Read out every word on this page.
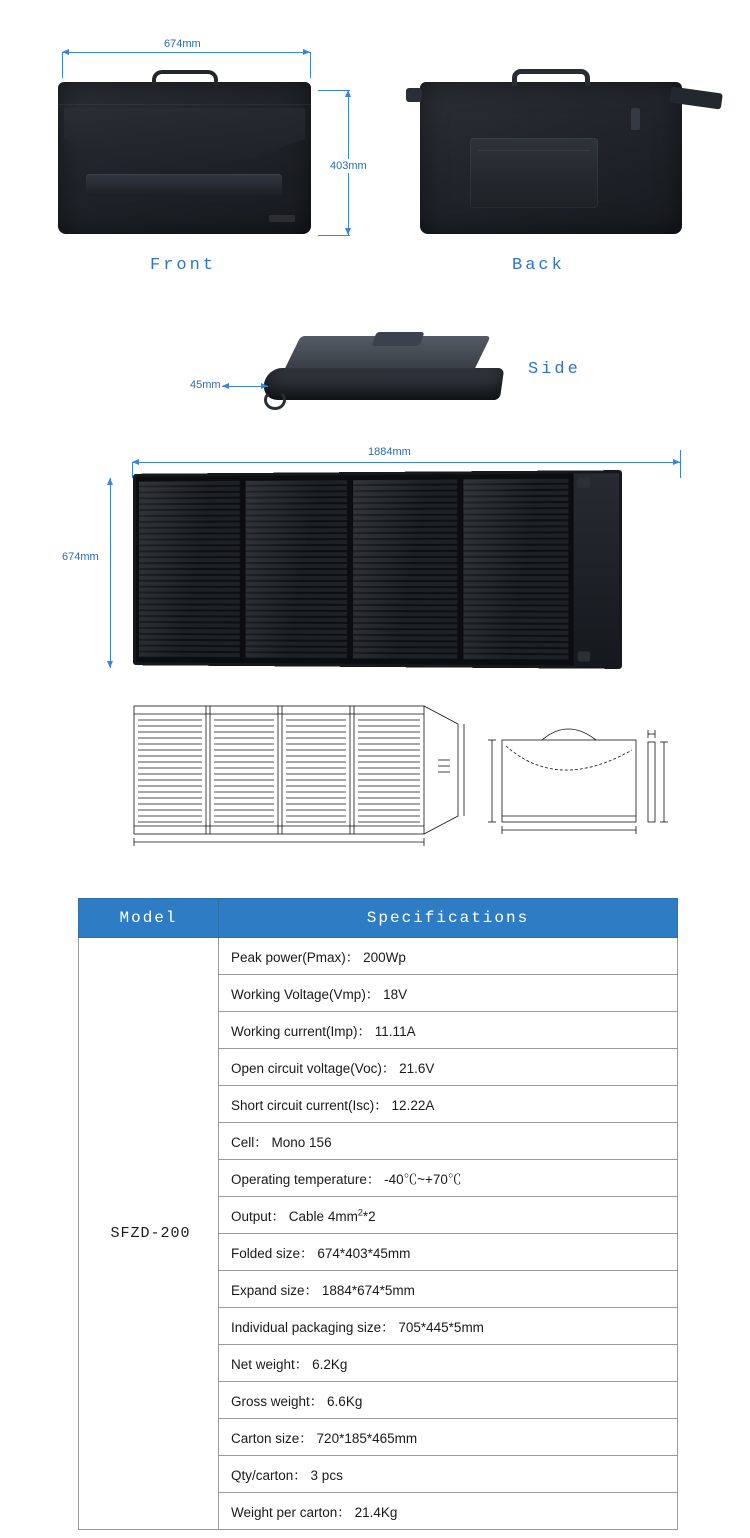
674mm
403mm
Front	Back
45mm
Side
1884mm
674mm
Model	Specifications
SFZD-200	Peak power(Pmax)： 200Wp
	Working Voltage(Vmp)： 18V
	Working current(Imp)： 11.11A
	Open circuit voltage(Voc)： 21.6V
	Short circuit current(Isc)： 12.22A
	Cell： Mono 156
	Operating temperature： -40℃~+70℃
	Output： Cable $4mm^2*2$
	Folded size： 674*403*45mm
	Expand size： 1884*674*5mm
	Individual packaging size： 705*445*5mm
	Net weight： 6.2Kg
	Gross weight： 6.6Kg
	Carton size： 720*185*465mm
	Qty/carton： 3 pcs
	Weight per carton： 21.4Kg
